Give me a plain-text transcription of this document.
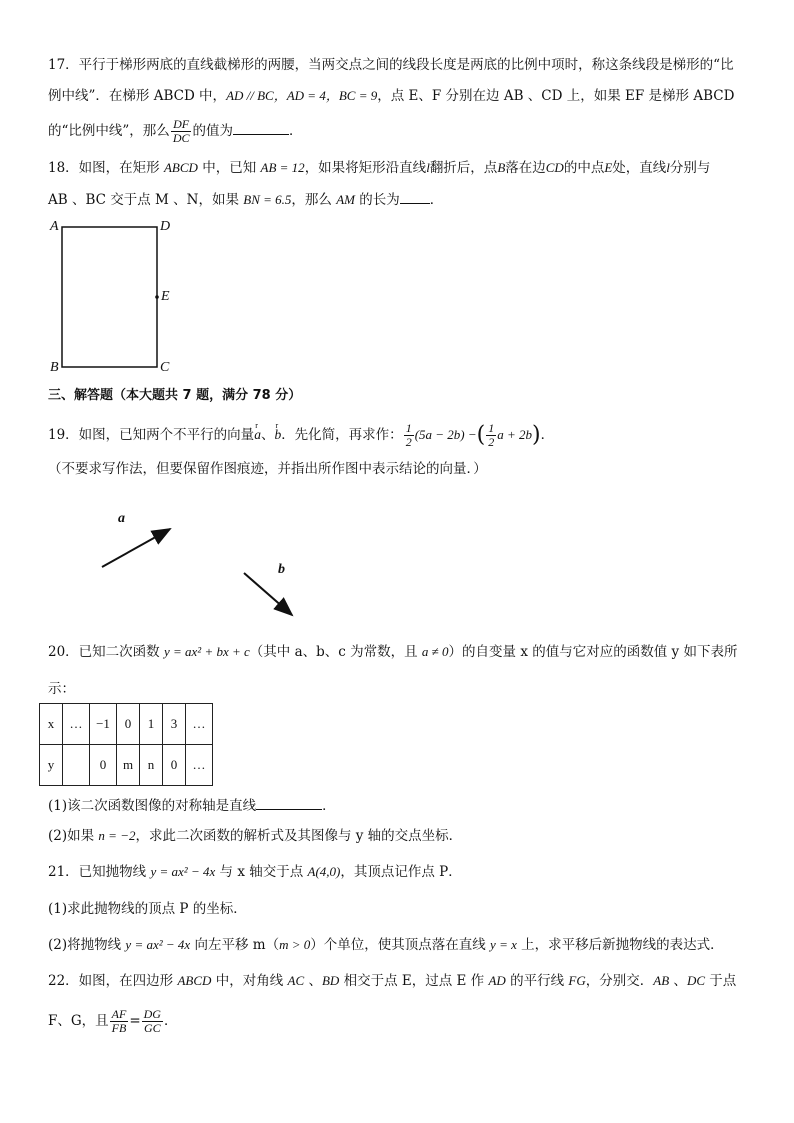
17．平行于梯形两底的直线截梯形的两腰，当两交点之间的线段长度是两底的比例中项时，称这条线段是梯形的“比
例中线”．在梯形 ABCD 中，AD // BC，AD = 4，BC = 9，点 E、F 分别在边 AB 、CD 上，如果 EF 是梯形 ABCD
的“比例中线”，那么 $\frac{DF}{DC}$ 的值为	．
18．如图，在矩形 ABCD 中，已知 AB = 12，如果将矩形沿直线l翻折后，点B落在边CD的中点E处，直线l分别与
AB 、BC 交于点 M 、N，如果 BN = 6.5，那么 AM 的长为 ．
A	D
E
B	C
三、解答题（本大题共 7 题，满分 78 分）
19．如图，已知两个不平行的向量r a、r b．先化简，再求作： $\frac{1}{2} (5a - 2b)$ −( $\frac{1}{2}$ a + 2b)．
（不要求写作法，但要保留作图痕迹，并指出所作图中表示结论的向量．）
a
b
20．已知二次函数 y = ax² + bx + c（其中 a、b、c 为常数，且 a ≠ 0）的自变量 x 的值与它对应的函数值 y 如下表所
示：
x	…	−1	0	1	3	…
y		0	m	n	0	…
(1)该二次函数图像的对称轴是直线	．
(2)如果 n = −2，求此二次函数的解析式及其图像与 y 轴的交点坐标．
21．已知抛物线 y = ax² − 4x 与 x 轴交于点 A(4,0)，其顶点记作点 P．
(1)求此抛物线的顶点 P 的坐标．
(2)将抛物线 y = ax² − 4x 向左平移 m（m > 0）个单位，使其顶点落在直线 y = x 上，求平移后新抛物线的表达式．
22．如图，在四边形 ABCD 中，对角线 AC 、BD 相交于点 E，过点 E 作 AD 的平行线 FG，分别交．AB 、DC 于点
F、G，且 $\frac{AF}{FB} = \frac{DG}{GC}$ ．
